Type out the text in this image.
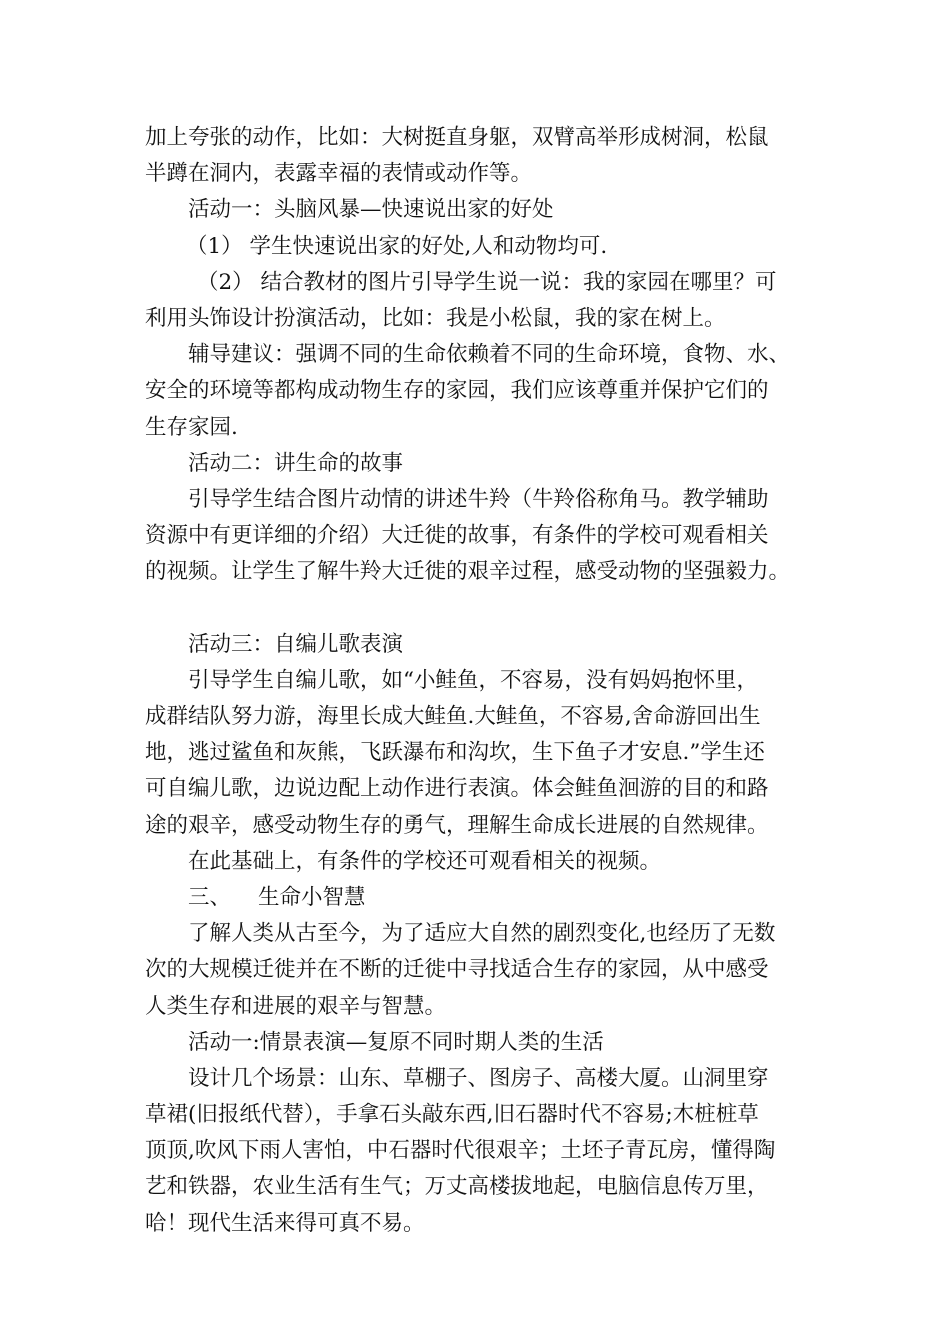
加上夸张的动作，比如：大树挺直身躯，双臂高举形成树洞，松鼠
半蹲在洞内，表露幸福的表情或动作等。
活动一：头脑风暴—快速说出家的好处
（1） 学生快速说出家的好处,人和动物均可.
（2） 结合教材的图片引导学生说一说：我的家园在哪里？可
利用头饰设计扮演活动，比如：我是小松鼠，我的家在树上。
辅导建议：强调不同的生命依赖着不同的生命环境，食物、水、
安全的环境等都构成动物生存的家园，我们应该尊重并保护它们的
生存家园.
活动二：讲生命的故事
引导学生结合图片动情的讲述牛羚（牛羚俗称角马。教学辅助
资源中有更详细的介绍）大迁徙的故事，有条件的学校可观看相关
的视频。让学生了解牛羚大迁徙的艰辛过程，感受动物的坚强毅力。
活动三：自编儿歌表演
引导学生自编儿歌，如“小鲑鱼，不容易，没有妈妈抱怀里，
成群结队努力游，海里长成大鲑鱼.大鲑鱼，不容易,舍命游回出生
地，逃过鲨鱼和灰熊，飞跃瀑布和沟坎，生下鱼子才安息.”学生还
可自编儿歌，边说边配上动作进行表演。体会鲑鱼洄游的目的和路
途的艰辛，感受动物生存的勇气，理解生命成长进展的自然规律。
在此基础上，有条件的学校还可观看相关的视频。
三、 生命小智慧
了解人类从古至今，为了适应大自然的剧烈变化,也经历了无数
次的大规模迁徙并在不断的迁徙中寻找适合生存的家园，从中感受
人类生存和进展的艰辛与智慧。
活动一:情景表演—复原不同时期人类的生活
设计几个场景：山东、草棚子、图房子、高楼大厦。山洞里穿
草裙(旧报纸代替），手拿石头敲东西,旧石器时代不容易;木桩桩草
顶顶,吹风下雨人害怕，中石器时代很艰辛；土坯子青瓦房，懂得陶
艺和铁器，农业生活有生气；万丈高楼拔地起，电脑信息传万里，
哈！现代生活来得可真不易。
